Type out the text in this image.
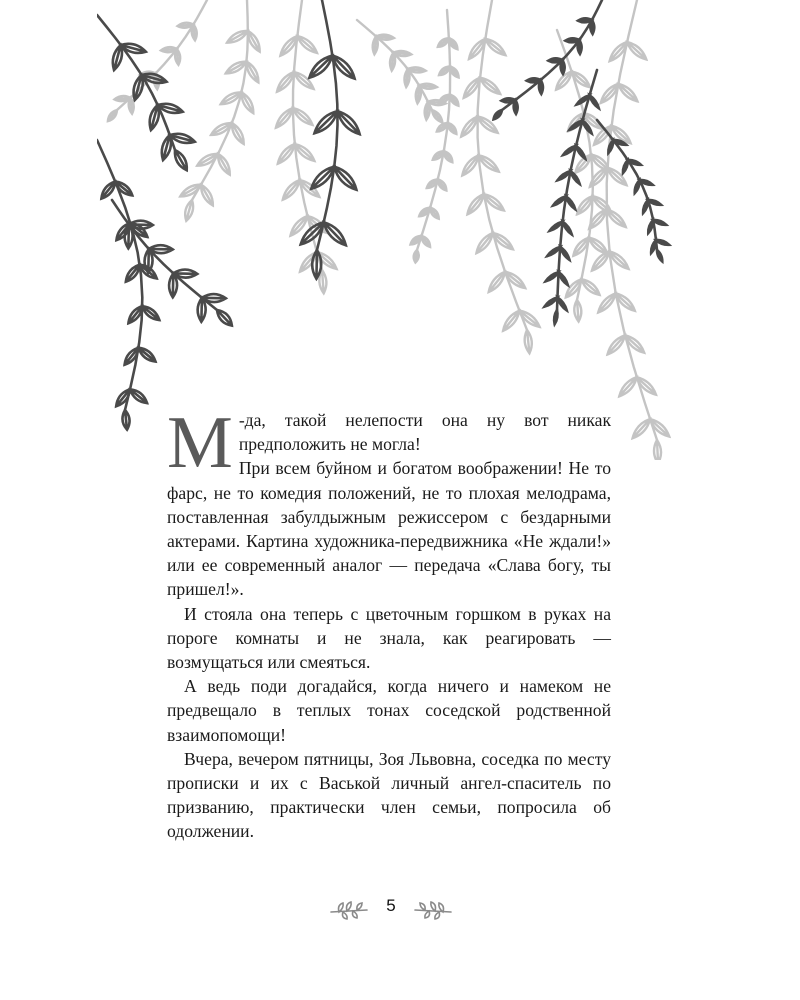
М -да, такой нелепости она ну вот никак предположить не могла!

При всем буйном и богатом воображении! Не то фарс, не то комедия положений, не то плохая мелодрама, поставленная забулдыжным режиссером с бездарными актерами. Картина художника-передвижника «Не ждали!» или ее современный аналог — передача «Слава богу, ты пришел!».

И стояла она теперь с цветочным горшком в руках на пороге комнаты и не знала, как реагировать — возмущаться или смеяться.

А ведь поди догадайся, когда ничего и намеком не предвещало в теплых тонах соседской родственной взаимопомощи!

Вчера, вечером пятницы, Зоя Львовна, соседка по месту прописки и их с Васькой личный ангел-спаситель по призванию, практически член семьи, попросила об одолжении.

5
